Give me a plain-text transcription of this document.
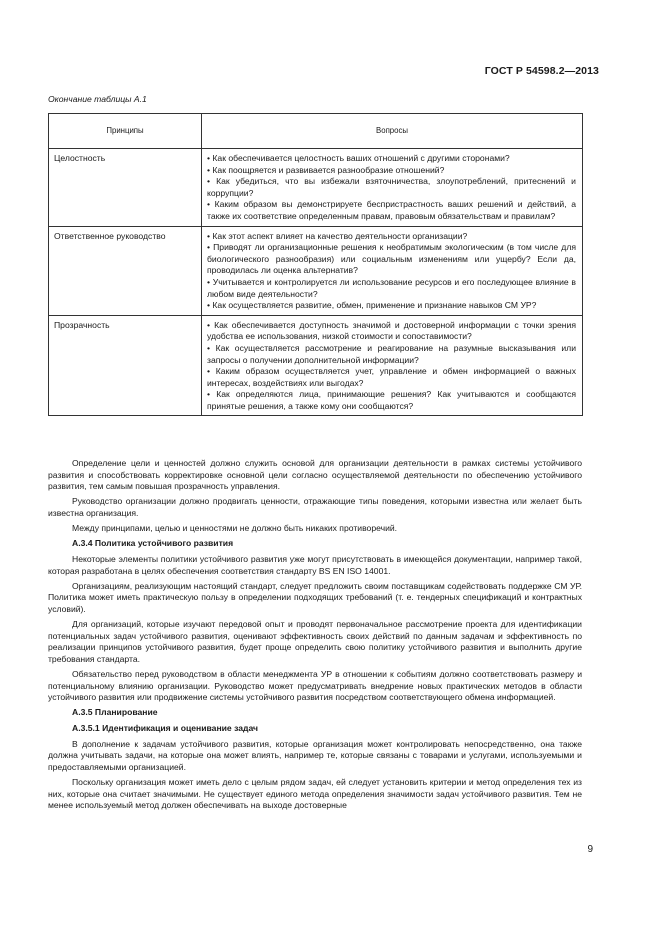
ГОСТ Р 54598.2—2013
Окончание таблицы А.1
Принципы	Вопросы
Целостность	• Как обеспечивается целостность ваших отношений с другими сторонами?
• Как поощряется и развивается разнообразие отношений?
• Как убедиться, что вы избежали взяточничества, злоупотреблений, притеснений и коррупции?
• Каким образом вы демонстрируете беспристрастность ваших решений и действий, а также их соответствие определенным правам, правовым обязательствам и правилам?

Ответственное руководство	• Как этот аспект влияет на качество деятельности организации?
• Приводят ли организационные решения к необратимым экологическим (в том числе для биологического разнообразия) или социальным изменениям или ущербу? Если да, проводилась ли оценка альтернатив?
• Учитывается и контролируется ли использование ресурсов и его последующее влияние в любом виде деятельности?
• Как осуществляется развитие, обмен, применение и признание навыков СМ УР?

Прозрачность	• Как обеспечивается доступность значимой и достоверной информации с точки зрения удобства ее использования, низкой стоимости и сопоставимости?
• Как осуществляется рассмотрение и реагирование на разумные высказывания или запросы о получении дополнительной информации?
• Каким образом осуществляется учет, управление и обмен информацией о важных интересах, воздействиях или выгодах?
• Как определяются лица, принимающие решения? Как учитываются и сообщаются принятые решения, а также кому они сообщаются?

Определение цели и ценностей должно служить основой для организации деятельности в рамках системы устойчивого развития и способствовать корректировке основной цели согласно осуществляемой деятельности по обеспечению устойчивого развития, тем самым повышая прозрачность управления.

Руководство организации должно продвигать ценности, отражающие типы поведения, которыми известна или желает быть известна организация.

Между принципами, целью и ценностями не должно быть никаких противоречий.

А.3.4 Политика устойчивого развития

Некоторые элементы политики устойчивого развития уже могут присутствовать в имеющейся документации, например такой, которая разработана в целях обеспечения соответствия стандарту BS EN ISO 14001.

Организациям, реализующим настоящий стандарт, следует предложить своим поставщикам содействовать поддержке СМ УР. Политика может иметь практическую пользу в определении подходящих требований (т. е. тендерных спецификаций и контрактных условий).

Для организаций, которые изучают передовой опыт и проводят первоначальное рассмотрение проекта для идентификации потенциальных задач устойчивого развития, оценивают эффективность своих действий по данным задачам и эффективность по реализации принципов устойчивого развития, будет проще определить свою политику устойчивого развития и выполнить другие требования стандарта.

Обязательство перед руководством в области менеджмента УР в отношении к событиям должно соответствовать размеру и потенциальному влиянию организации. Руководство может предусматривать внедрение новых практических методов в области устойчивого развития или продвижение системы устойчивого развития посредством соответствующего обмена информацией.

А.3.5 Планирование
А.3.5.1 Идентификация и оценивание задач

В дополнение к задачам устойчивого развития, которые организация может контролировать непосредственно, она также должна учитывать задачи, на которые она может влиять, например те, которые связаны с товарами и услугами, используемыми и предоставляемыми организацией.

Поскольку организация может иметь дело с целым рядом задач, ей следует установить критерии и метод определения тех из них, которые она считает значимыми. Не существует единого метода определения значимости задач устойчивого развития. Тем не менее используемый метод должен обеспечивать на выходе достоверные

9
